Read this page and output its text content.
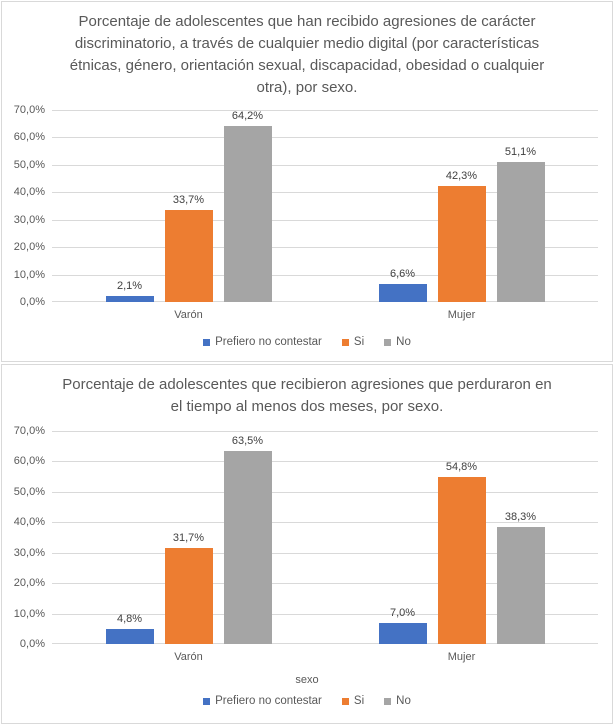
Porcentaje de adolescentes que han recibido agresiones de carácter discriminatorio, a través de cualquier medio digital (por características étnicas, género, orientación sexual, discapacidad, obesidad o cualquier otra), por sexo.
0,0%
10,0%
20,0%
30,0%
40,0%
50,0%
60,0%
70,0%
2,1%
33,7%
64,2%
6,6%
42,3%
51,1%
Varón	Mujer
Prefiero no contestar	Si	No
Porcentaje de adolescentes que recibieron agresiones que perduraron en el tiempo al menos dos meses, por sexo.
0,0%
10,0%
20,0%
30,0%
40,0%
50,0%
60,0%
70,0%
4,8%
31,7%
63,5%
7,0%
54,8%
38,3%
Varón	Mujer
sexo
Prefiero no contestar	Si	No
